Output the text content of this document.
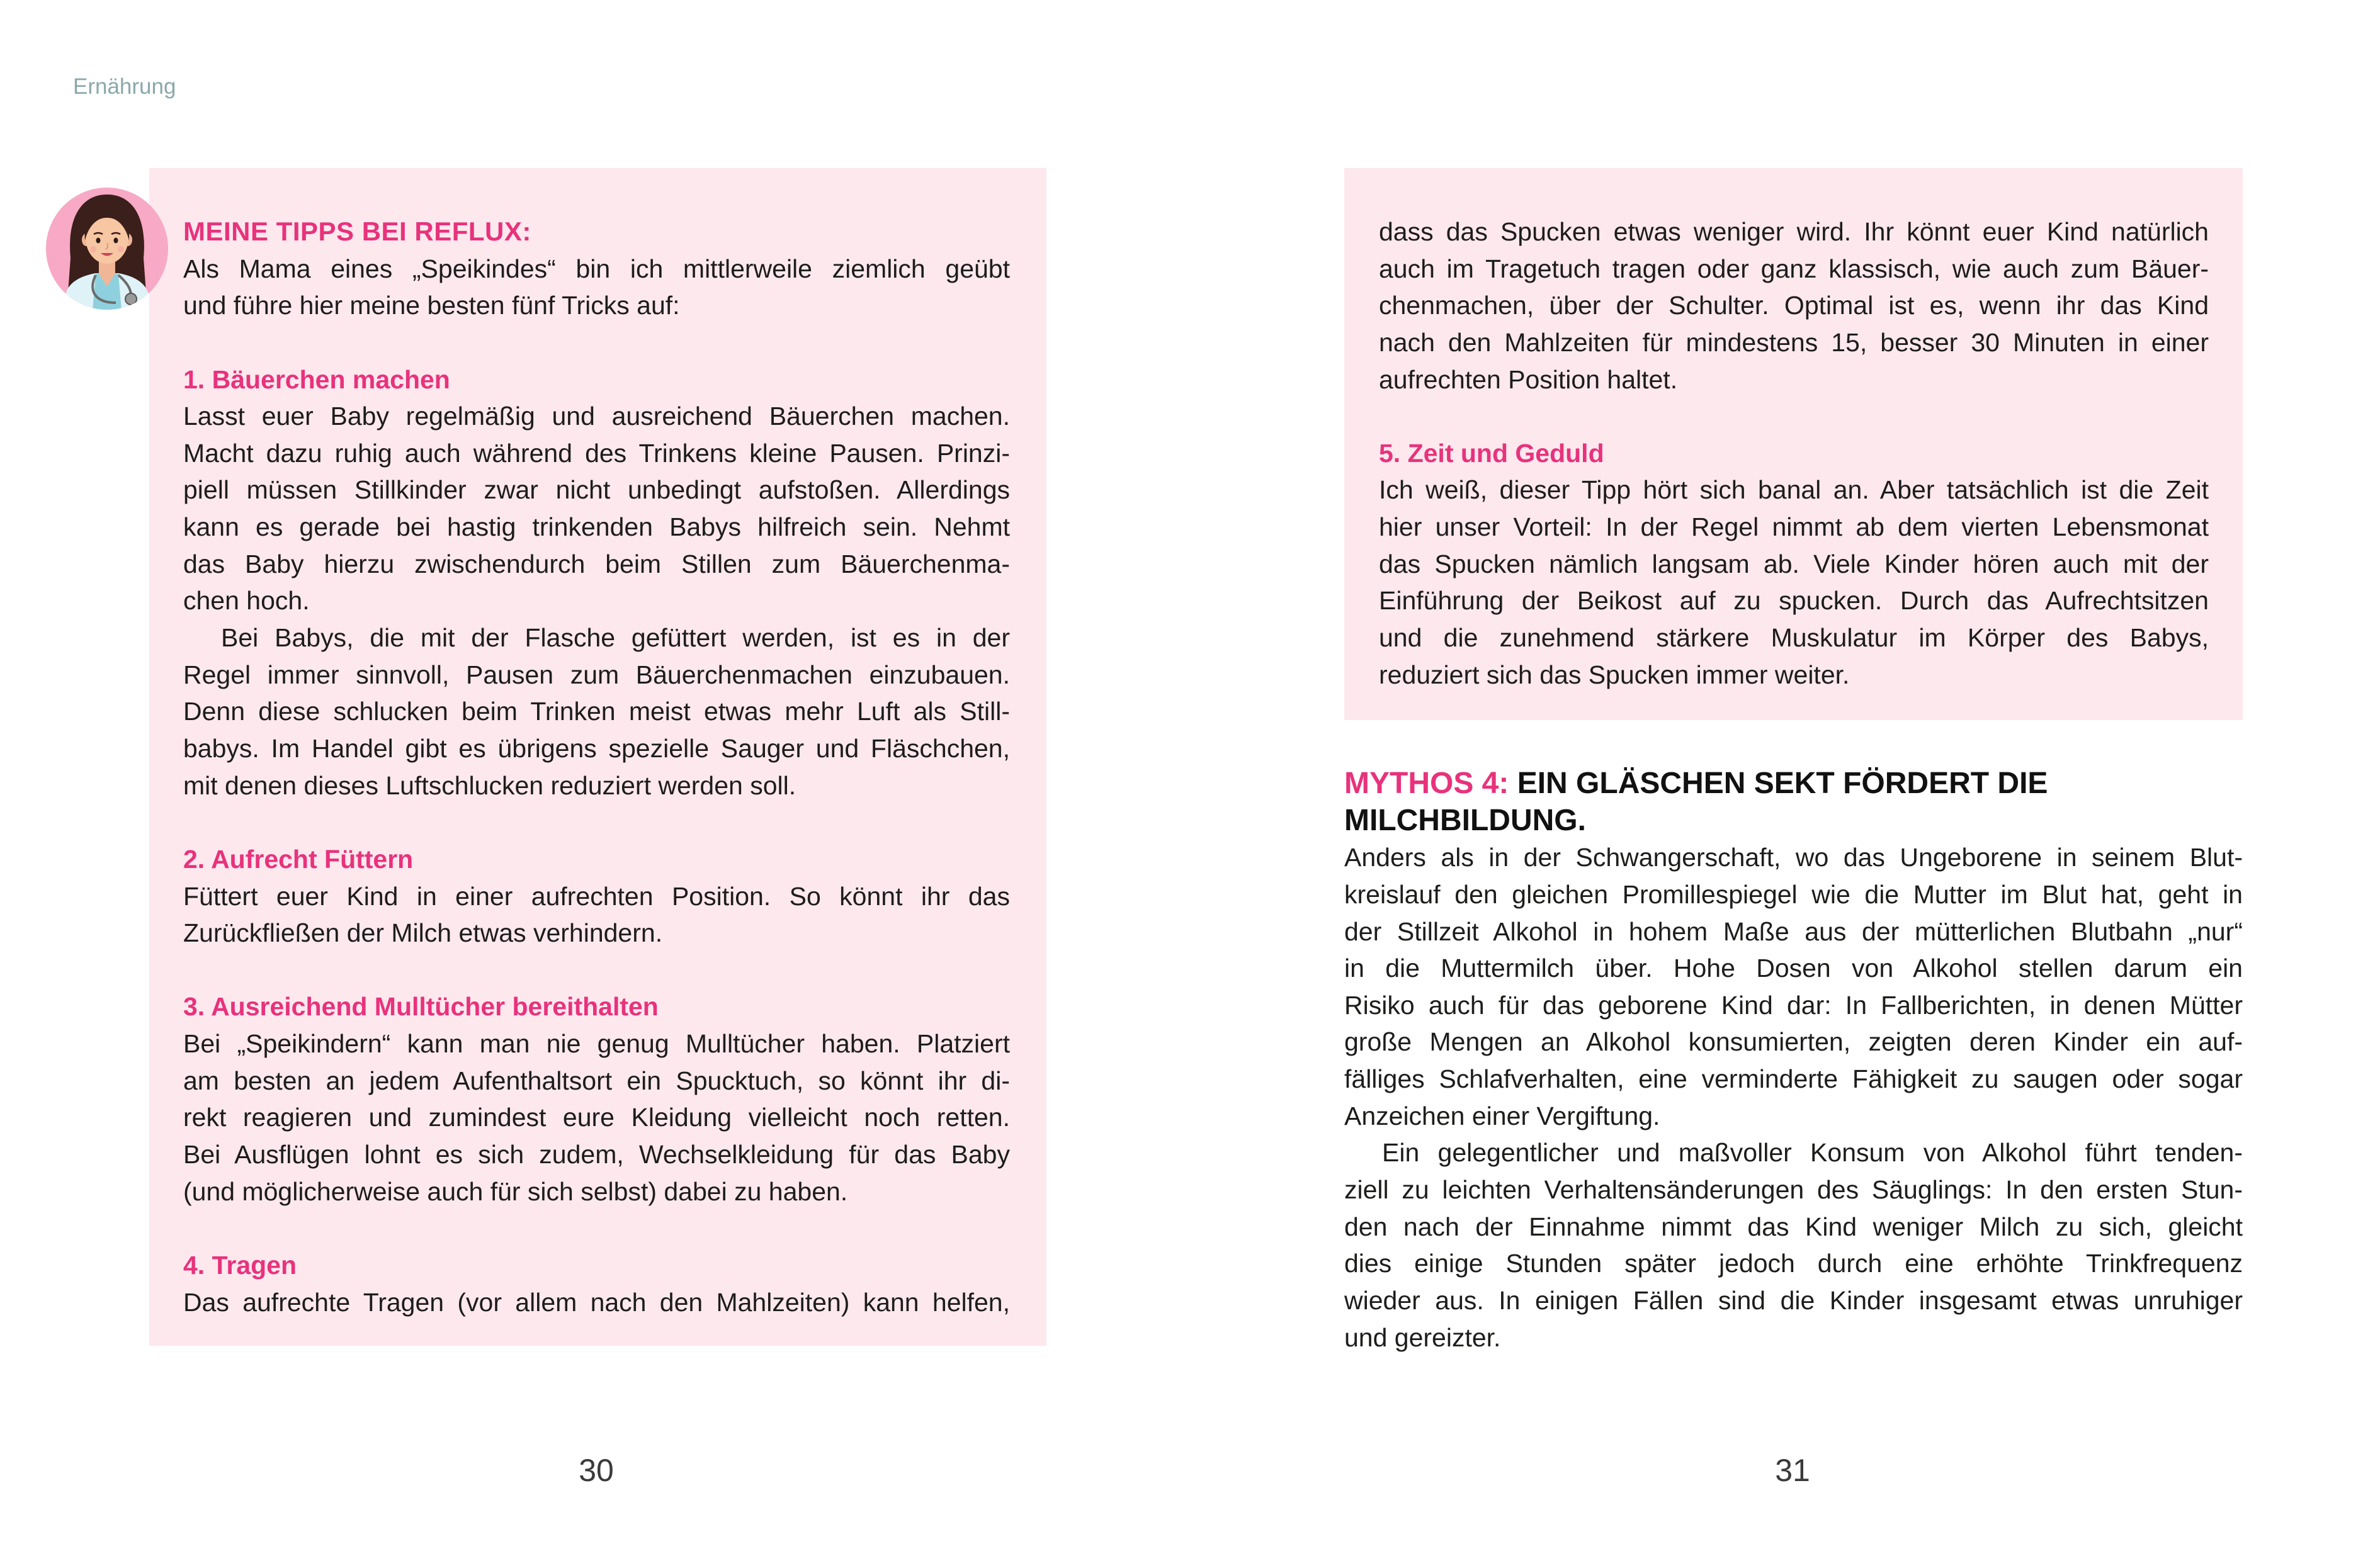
Ernährung
MEINE TIPPS BEI REFLUX:
Als Mama eines „Speikindes“ bin ich mittlerweile ziemlich geübt
und führe hier meine besten fünf Tricks auf:
1. Bäuerchen machen
Lasst euer Baby regelmäßig und ausreichend Bäuerchen machen.
Macht dazu ruhig auch während des Trinkens kleine Pausen. Prinzi-
piell müssen Stillkinder zwar nicht unbedingt aufstoßen. Allerdings
kann es gerade bei hastig trinkenden Babys hilfreich sein. Nehmt
das Baby hierzu zwischendurch beim Stillen zum Bäuerchenma-
chen hoch.
Bei Babys, die mit der Flasche gefüttert werden, ist es in der
Regel immer sinnvoll, Pausen zum Bäuerchenmachen einzubauen.
Denn diese schlucken beim Trinken meist etwas mehr Luft als Still-
babys. Im Handel gibt es übrigens spezielle Sauger und Fläschchen,
mit denen dieses Luftschlucken reduziert werden soll.
2. Aufrecht Füttern
Füttert euer Kind in einer aufrechten Position. So könnt ihr das
Zurückfließen der Milch etwas verhindern.
3. Ausreichend Mulltücher bereithalten
Bei „Speikindern“ kann man nie genug Mulltücher haben. Platziert
am besten an jedem Aufenthaltsort ein Spucktuch, so könnt ihr di-
rekt reagieren und zumindest eure Kleidung vielleicht noch retten.
Bei Ausflügen lohnt es sich zudem, Wechselkleidung für das Baby
(und möglicherweise auch für sich selbst) dabei zu haben.
4. Tragen
Das aufrechte Tragen (vor allem nach den Mahlzeiten) kann helfen,
30
dass das Spucken etwas weniger wird. Ihr könnt euer Kind natürlich
auch im Tragetuch tragen oder ganz klassisch, wie auch zum Bäuer-
chenmachen, über der Schulter. Optimal ist es, wenn ihr das Kind
nach den Mahlzeiten für mindestens 15, besser 30 Minuten in einer
aufrechten Position haltet.
5. Zeit und Geduld
Ich weiß, dieser Tipp hört sich banal an. Aber tatsächlich ist die Zeit
hier unser Vorteil: In der Regel nimmt ab dem vierten Lebensmonat
das Spucken nämlich langsam ab. Viele Kinder hören auch mit der
Einführung der Beikost auf zu spucken. Durch das Aufrechtsitzen
und die zunehmend stärkere Muskulatur im Körper des Babys,
reduziert sich das Spucken immer weiter.
MYTHOS 4: EIN GLÄSCHEN SEKT FÖRDERT DIE
MILCHBILDUNG.
Anders als in der Schwangerschaft, wo das Ungeborene in seinem Blut-
kreislauf den gleichen Promillespiegel wie die Mutter im Blut hat, geht in
der Stillzeit Alkohol in hohem Maße aus der mütterlichen Blutbahn „nur“
in die Muttermilch über. Hohe Dosen von Alkohol stellen darum ein
Risiko auch für das geborene Kind dar: In Fallberichten, in denen Mütter
große Mengen an Alkohol konsumierten, zeigten deren Kinder ein auf-
fälliges Schlafverhalten, eine verminderte Fähigkeit zu saugen oder sogar
Anzeichen einer Vergiftung.
Ein gelegentlicher und maßvoller Konsum von Alkohol führt tenden-
ziell zu leichten Verhaltensänderungen des Säuglings: In den ersten Stun-
den nach der Einnahme nimmt das Kind weniger Milch zu sich, gleicht
dies einige Stunden später jedoch durch eine erhöhte Trinkfrequenz
wieder aus. In einigen Fällen sind die Kinder insgesamt etwas unruhiger
und gereizter.
31
